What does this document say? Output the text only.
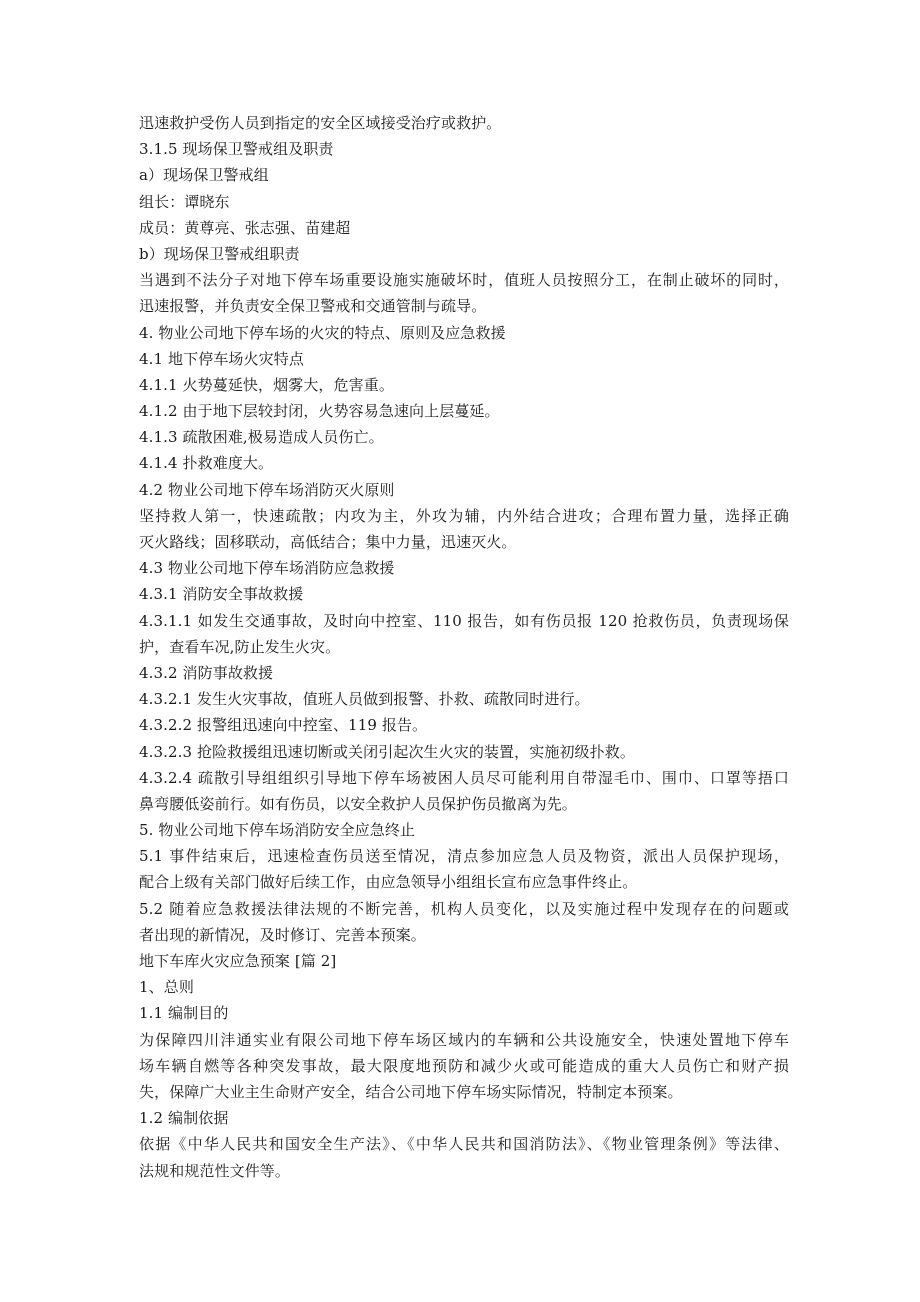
迅速救护受伤人员到指定的安全区域接受治疗或救护。
3.1.5 现场保卫警戒组及职责
a）现场保卫警戒组
组长：谭晓东
成员：黄尊亮、张志强、苗建超
b）现场保卫警戒组职责
当遇到不法分子对地下停车场重要设施实施破坏时，值班人员按照分工，在制止破坏的同时，
迅速报警，并负责安全保卫警戒和交通管制与疏导。
4. 物业公司地下停车场的火灾的特点、原则及应急救援
4.1 地下停车场火灾特点
4.1.1 火势蔓延快，烟雾大，危害重。
4.1.2 由于地下层较封闭，火势容易急速向上层蔓延。
4.1.3 疏散困难,极易造成人员伤亡。
4.1.4 扑救难度大。
4.2 物业公司地下停车场消防灭火原则
坚持救人第一，快速疏散；内攻为主，外攻为辅，内外结合进攻；合理布置力量，选择正确
灭火路线；固移联动，高低结合；集中力量，迅速灭火。
4.3 物业公司地下停车场消防应急救援
4.3.1 消防安全事故救援
4.3.1.1 如发生交通事故，及时向中控室、110 报告，如有伤员报 120 抢救伤员，负责现场保
护，查看车况,防止发生火灾。
4.3.2 消防事故救援
4.3.2.1 发生火灾事故，值班人员做到报警、扑救、疏散同时进行。
4.3.2.2 报警组迅速向中控室、119 报告。
4.3.2.3 抢险救援组迅速切断或关闭引起次生火灾的装置，实施初级扑救。
4.3.2.4 疏散引导组组织引导地下停车场被困人员尽可能利用自带湿毛巾、围巾、口罩等捂口
鼻弯腰低姿前行。如有伤员，以安全救护人员保护伤员撤离为先。
5. 物业公司地下停车场消防安全应急终止
5.1 事件结束后，迅速检查伤员送至情况，清点参加应急人员及物资，派出人员保护现场，
配合上级有关部门做好后续工作，由应急领导小组组长宣布应急事件终止。
5.2 随着应急救援法律法规的不断完善，机构人员变化，以及实施过程中发现存在的问题或
者出现的新情况，及时修订、完善本预案。
地下车库火灾应急预案 [篇 2]
1、总则
1.1 编制目的
为保障四川沣通实业有限公司地下停车场区域内的车辆和公共设施安全，快速处置地下停车
场车辆自燃等各种突发事故，最大限度地预防和减少火或可能造成的重大人员伤亡和财产损
失，保障广大业主生命财产安全，结合公司地下停车场实际情况，特制定本预案。
1.2 编制依据
依据《中华人民共和国安全生产法》、《中华人民共和国消防法》、《物业管理条例》等法律、
法规和规范性文件等。
